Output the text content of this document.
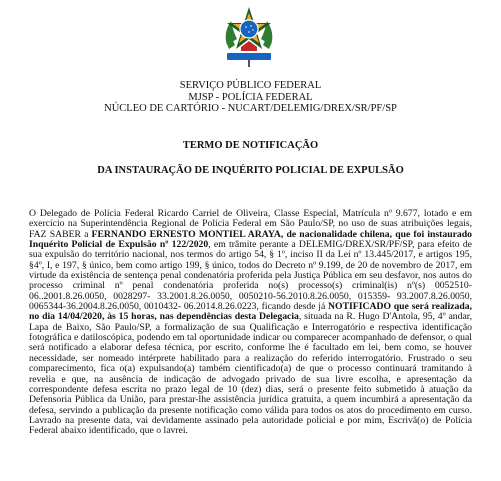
SERVIÇO PÚBLICO FEDERAL
MJSP - POLÍCIA FEDERAL
NÚCLEO DE CARTÓRIO - NUCART/DELEMIG/DREX/SR/PF/SP
TERMO DE NOTIFICAÇÃO
DA INSTAURAÇÃO DE INQUÉRITO POLICIAL DE EXPULSÃO
O Delegado de Polícia Federal Ricardo Carriel de Oliveira, Classe Especial, Matrícula nº 9.677, lotado e em exercício na Superintendência Regional de Polícia Federal em São Paulo/SP, no uso de suas atribuições legais, FAZ SABER a FERNANDO ERNESTO MONTIEL ARAYA, de nacionalidade chilena, que foi instaurado Inquérito Policial de Expulsão nº 122/2020, em trâmite perante a DELEMIG/DREX/SR/PF/SP, para efeito de sua expulsão do território nacional, nos termos do artigo 54, § 1º, inciso II da Lei nº 13.445/2017, e artigos 195, §4º, I, e 197, § único, bem como artigo 199, § único, todos do Decreto nº 9.199, de 20 de novembro de 2017, em virtude da existência de sentença penal condenatória proferida pela Justiça Pública em seu desfavor, nos autos do processo criminal nº penal condenatória proferida no(s) processo(s) criminal(is) nº(s) 0052510-06..2001.8.26.0050, 0028297- 33.2001.8.26.0050, 0050210-56.2010.8.26.0050, 015359- 93.2007.8.26.0050, 0065344-36.2004.8.26.0050, 0010432- 06.2014.8.26.0223, ficando desde já NOTIFICADO que será realizada, no dia 14/04/2020, às 15 horas, nas dependências desta Delegacia, situada na R. Hugo D'Antola, 95, 4º andar, Lapa de Baixo, São Paulo/SP, a formalização de sua Qualificação e Interrogatório e respectiva identificação fotográfica e datiloscópica, podendo em tal oportunidade indicar ou comparecer acompanhado de defensor, o qual será notificado a elaborar defesa técnica, por escrito, conforme lhe é facultado em lei, bem como, se houver necessidade, ser nomeado intérprete habilitado para a realização do referido interrogatório. Frustrado o seu comparecimento, fica o(a) expulsando(a) também cientificado(a) de que o processo continuará tramitando à revelia e que, na ausência de indicação de advogado privado de sua livre escolha, e apresentação da correspondente defesa escrita no prazo legal de 10 (dez) dias, será o presente feito submetido à atuação da Defensoria Pública da União, para prestar-lhe assistência jurídica gratuita, a quem incumbirá a apresentação da defesa, servindo a publicação da presente notificação como válida para todos os atos do procedimento em curso. Lavrado na presente data, vai devidamente assinado pela autoridade policial e por mim, Escrivã(o) de Polícia Federal abaixo identificado, que o lavrei.
